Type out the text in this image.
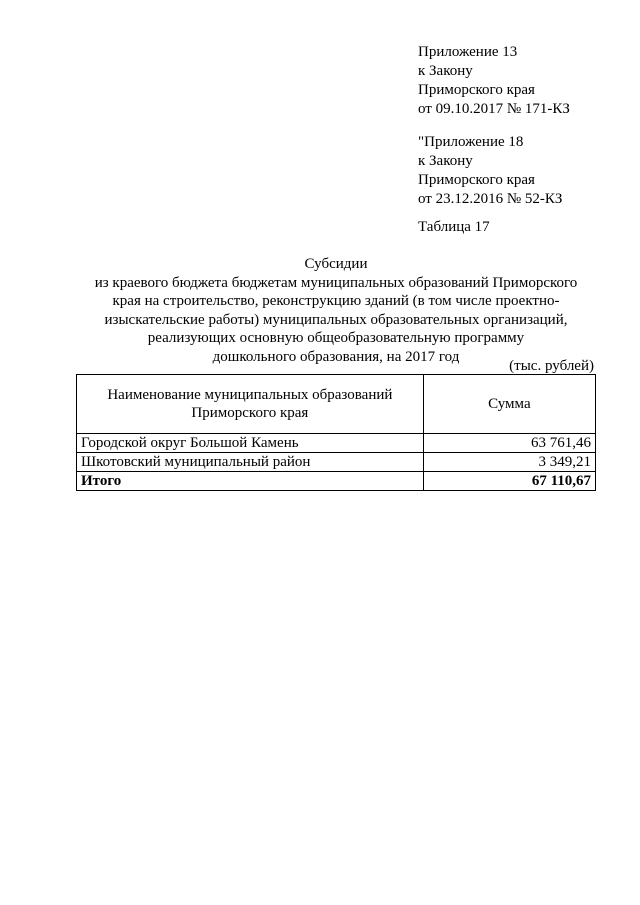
Приложение 13
к Закону
Приморского края
от 09.10.2017 № 171-КЗ
"Приложение 18
к Закону
Приморского края
от 23.12.2016 № 52-КЗ
Таблица 17
Субсидии
из краевого бюджета бюджетам муниципальных образований Приморского
края на строительство, реконструкцию зданий (в том числе проектно-
изыскательские работы) муниципальных образовательных организаций,
реализующих основную общеобразовательную программу
дошкольного образования, на 2017 год
(тыс. рублей)
Наименование муниципальных образований
Приморского края	Сумма
Городской округ Большой Камень	63 761,46
Шкотовский муниципальный район	3 349,21
Итого	67 110,67
